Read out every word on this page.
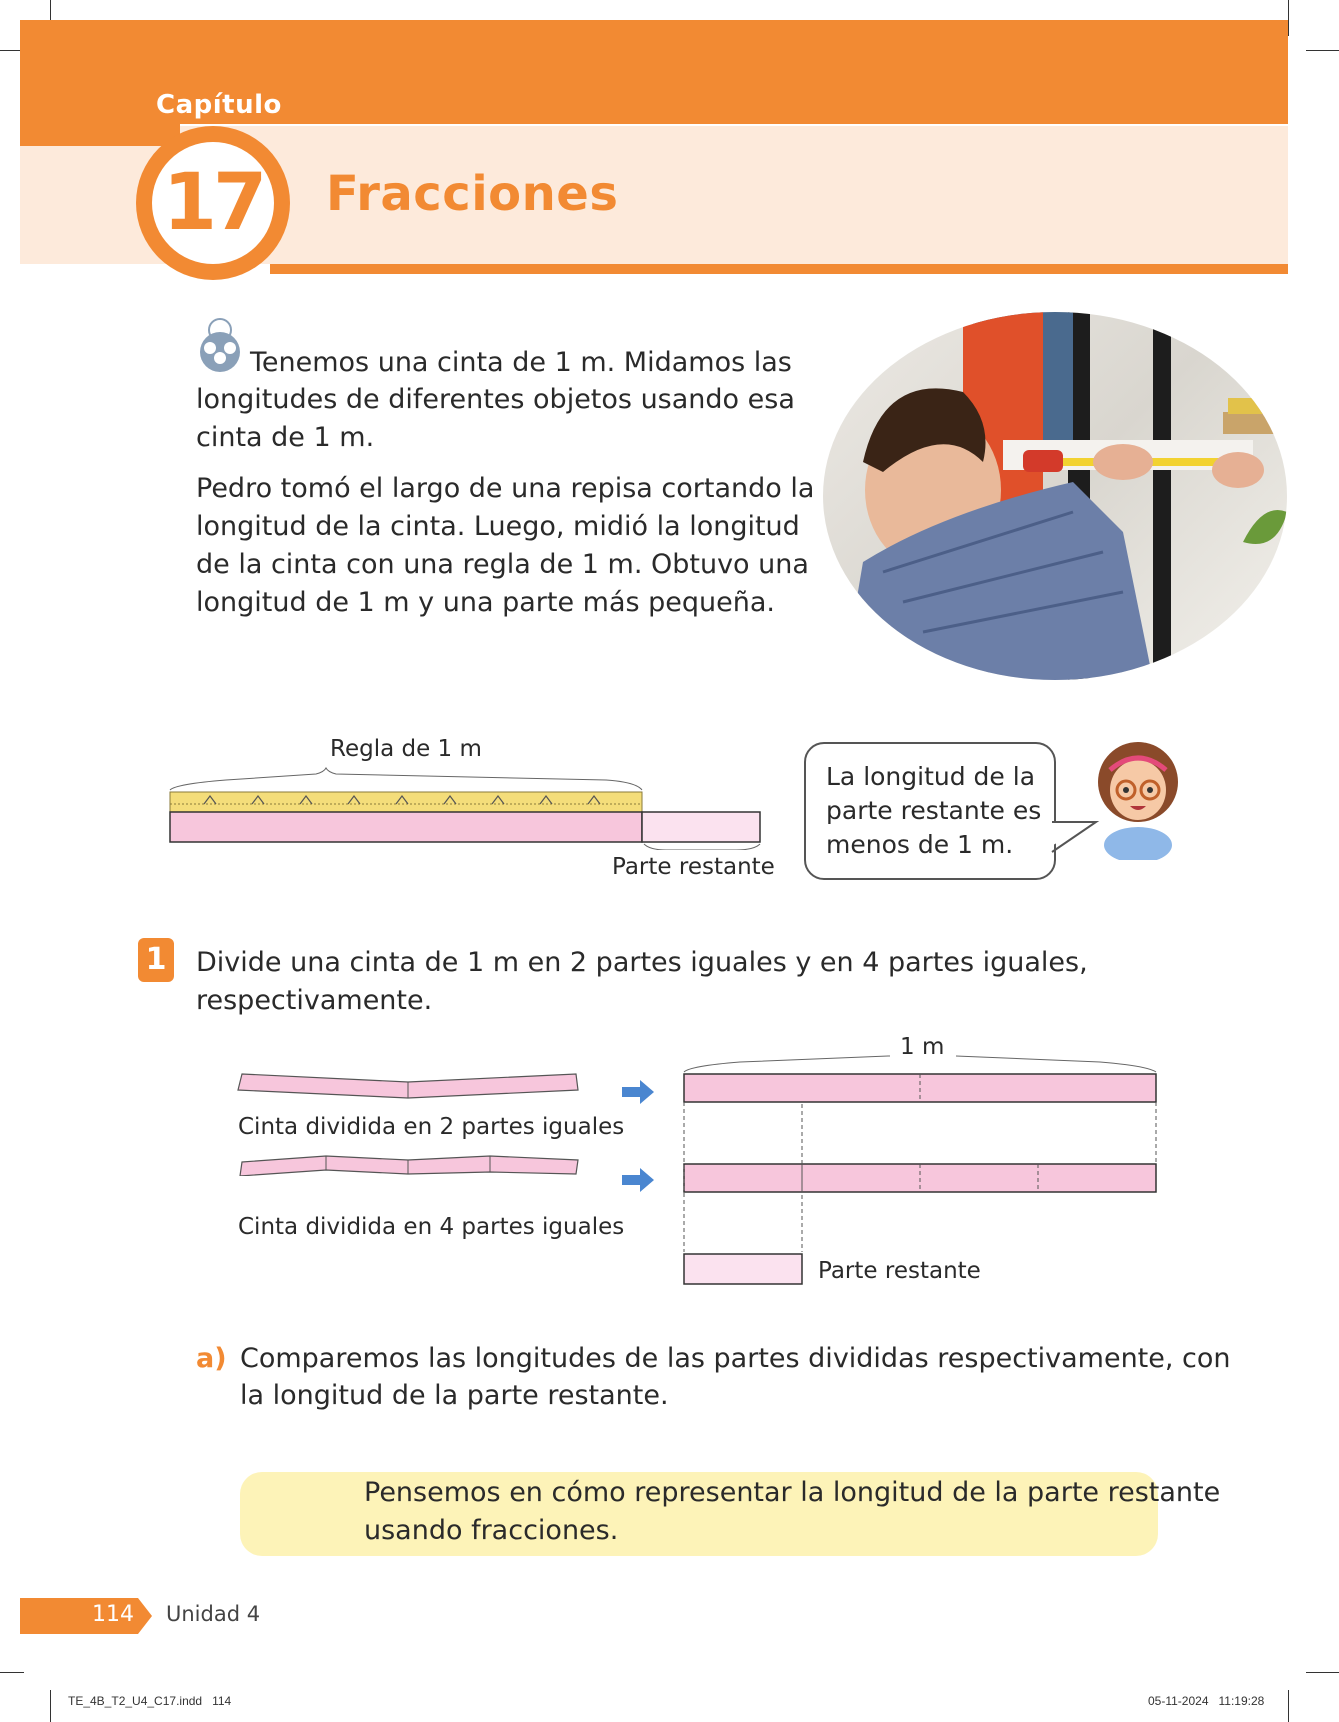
Capítulo
17 Fracciones
Tenemos una cinta de 1 m. Midamos las
longitudes de diferentes objetos usando esa
cinta de 1 m.
Pedro tomó el largo de una repisa cortando la
longitud de la cinta. Luego, midió la longitud
de la cinta con una regla de 1 m. Obtuvo una
longitud de 1 m y una parte más pequeña.
Regla de 1 m
Parte restante
La longitud de la
parte restante es
menos de 1 m.
1 Divide una cinta de 1 m en 2 partes iguales y en 4 partes iguales,
respectivamente.
Cinta dividida en 2 partes iguales
Cinta dividida en 4 partes iguales
1 m
Parte restante
a) Comparemos las longitudes de las partes divididas respectivamente, con
la longitud de la parte restante.
Pensemos en cómo representar la longitud de la parte restante
usando fracciones.
114 Unidad 4
TE_4B_T2_U4_C17.indd   114	05-11-2024   11:19:28
